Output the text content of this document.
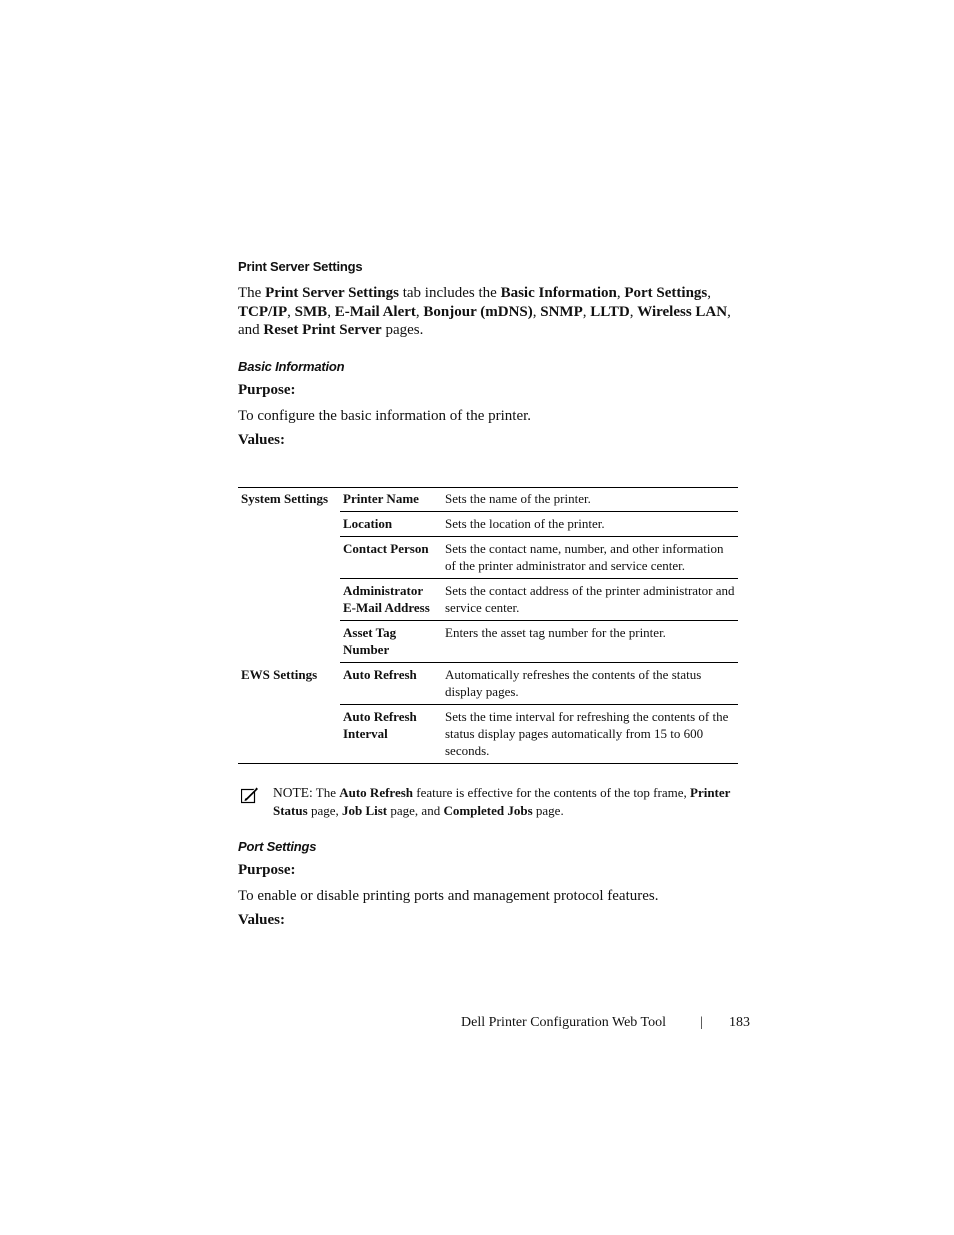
Print Server Settings
The Print Server Settings tab includes the Basic Information, Port Settings, TCP/IP, SMB, E-Mail Alert, Bonjour (mDNS), SNMP, LLTD, Wireless LAN, and Reset Print Server pages.
Basic Information
Purpose:
To configure the basic information of the printer.
Values:
System Settings	Printer Name	Sets the name of the printer.
	Location	Sets the location of the printer.
	Contact Person	Sets the contact name, number, and other information of the printer administrator and service center.
	Administrator E-Mail Address	Sets the contact address of the printer administrator and service center.
	Asset Tag Number	Enters the asset tag number for the printer.
EWS Settings	Auto Refresh	Automatically refreshes the contents of the status display pages.
	Auto Refresh Interval	Sets the time interval for refreshing the contents of the status display pages automatically from 15 to 600 seconds.
NOTE: The Auto Refresh feature is effective for the contents of the top frame, Printer Status page, Job List page, and Completed Jobs page.
Port Settings
Purpose:
To enable or disable printing ports and management protocol features.
Values:
Dell Printer Configuration Web Tool | 183
